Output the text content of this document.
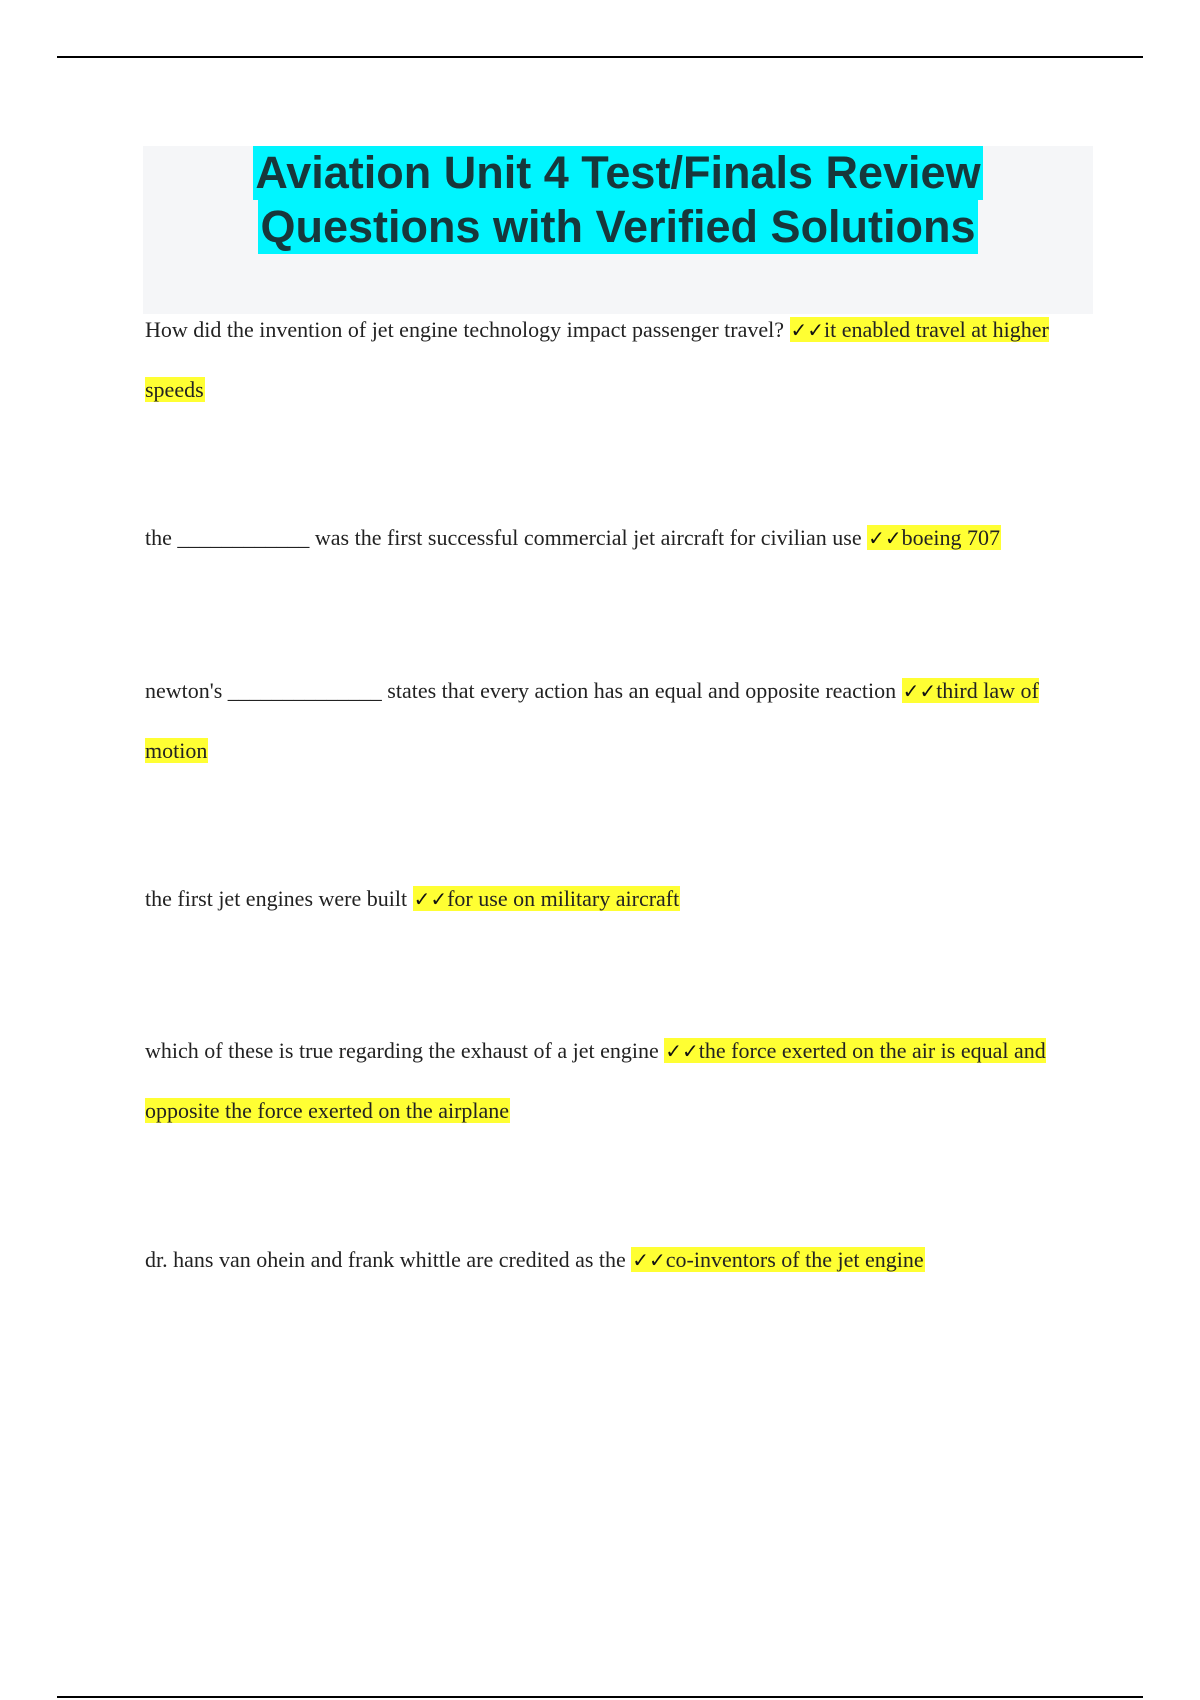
Aviation Unit 4 Test/Finals Review
Questions with Verified Solutions
How did the invention of jet engine technology impact passenger travel? ✓✓it enabled travel at higher speeds
the ____________ was the first successful commercial jet aircraft for civilian use ✓✓boeing 707
newton's ______________ states that every action has an equal and opposite reaction ✓✓third law of motion
the first jet engines were built ✓✓for use on military aircraft
which of these is true regarding the exhaust of a jet engine ✓✓the force exerted on the air is equal and opposite the force exerted on the airplane
dr. hans van ohein and frank whittle are credited as the ✓✓co-inventors of the jet engine
